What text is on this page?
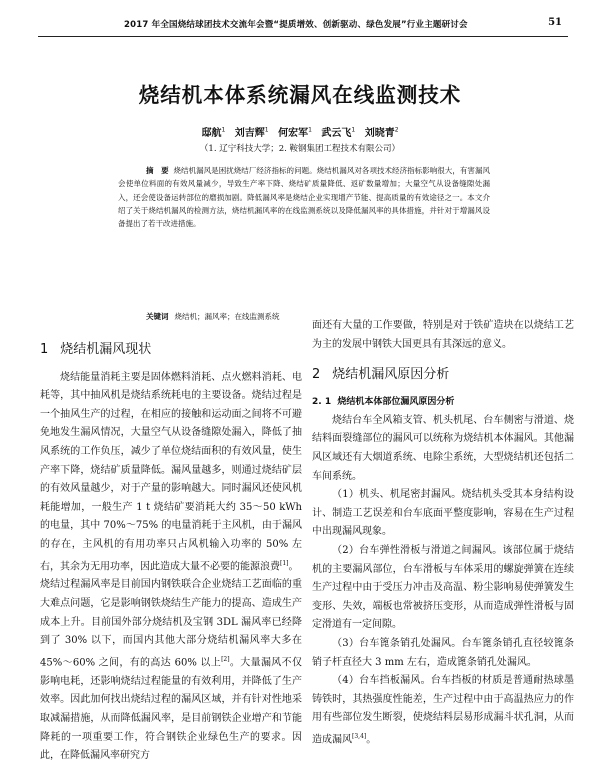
2017 年全国烧结球团技术交流年会暨“提质增效、创新驱动、绿色发展”行业主题研讨会	51
烧结机本体系统漏风在线监测技术
邸航$^1$ 刘吉辉$^1$ 何宏军$^1$ 武云飞$^1$ 刘晓青$^2$
（1. 辽宁科技大学；2. 鞍钢集团工程技术有限公司）
摘　要 烧结机漏风是困扰烧结厂经济指标的问题。烧结机漏风对各项技术经济指标影响很大，有害漏风会使单位料面的有效风量减少，导致生产率下降、烧结矿质量降低、返矿数量增加；大量空气从设备缝隙处漏入，还会使设备运转部位的磨损加剧。降低漏风率是烧结企业实现增产节能、提高质量的有效途径之一。本文介绍了关于烧结机漏风的检测方法，烧结机漏风率的在线监测系统以及降低漏风率的具体措施，并针对于增漏风设备提出了若干改进措施。
关键词 烧结机；漏风率；在线监测系统
1 烧结机漏风现状

烧结能量消耗主要是固体燃料消耗、点火燃料消耗、电耗等，其中抽风机是烧结系统耗电的主要设备。烧结过程是一个抽风生产的过程，在相应的接触和运动面之间将不可避免地发生漏风情况，大量空气从设备缝隙处漏入，降低了抽风系统的工作负压，减少了单位烧结面积的有效风量，使生产率下降，烧结矿质量降低。漏风量越多，则通过烧结矿层的有效风量越少，对于产量的影响越大。同时漏风还使风机耗能增加，一般生产 1 t 烧结矿要消耗大约 35～50 kWh 的电量，其中 70%～75% 的电量消耗于主风机，由于漏风的存在，主风机的有用功率只占风机输入功率的 50% 左右，其余为无用功率，因此造成大量不必要的能源浪费[1]。

烧结过程漏风率是目前国内钢铁联合企业烧结工艺面临的重大难点问题，它是影响钢铁烧结生产能力的提高、造成生产成本上升。目前国外部分烧结机及宝钢 3DL 漏风率已经降到了 30% 以下，而国内其他大部分烧结机漏风率大多在 45%～60% 之间，有的高达 60% 以上[2]。大量漏风不仅影响电耗，还影响烧结过程能量的有效利用，并降低了生产效率。因此加何找出烧结过程的漏风区域，并有针对性地采取减漏措施，从而降低漏风率，是目前钢铁企业增产和节能降耗的一项重要工作，符合钢铁企业绿色生产的要求。因此，在降低漏风率研究方

面还有大量的工作要做，特别是对于铁矿造块在以烧结工艺为主的发展中钢铁大国更具有其深远的意义。

2 烧结机漏风原因分析
2. 1 烧结机本体部位漏风原因分析

烧结台车全风箱支管、机头机尾、台车侧密与滑道、烧结料面裂缝部位的漏风可以统称为烧结机本体漏风。其他漏风区域还有大烟道系统、电除尘系统，大型烧结机还包括二车间系统。

（1）机头、机尾密封漏风。烧结机头受其本身结构设计、制造工艺误差和台车底面平整度影响，容易在生产过程中出现漏风现象。

（2）台车弹性滑板与滑道之间漏风。该部位属于烧结机的主要漏风部位，台车滑板与车体采用的螺旋弹簧在连续生产过程中由于受压力冲击及高温、粉尘影响易使弹簧发生变形、失效，端板也常被挤压变形，从而造成弹性滑板与固定滑道有一定间隙。

（3）台车篦条销孔处漏风。台车篦条销孔直径较篦条销子杆直径大 3 mm 左右，造成篦条销孔处漏风。

（4）台车挡板漏风。台车挡板的材质是普通耐热球墨铸铁时，其热强度性能差，生产过程中由于高温热应力的作用有些部位发生断裂，使烧结料层易形成漏斗状孔洞，从而造成漏风[3,4]。
